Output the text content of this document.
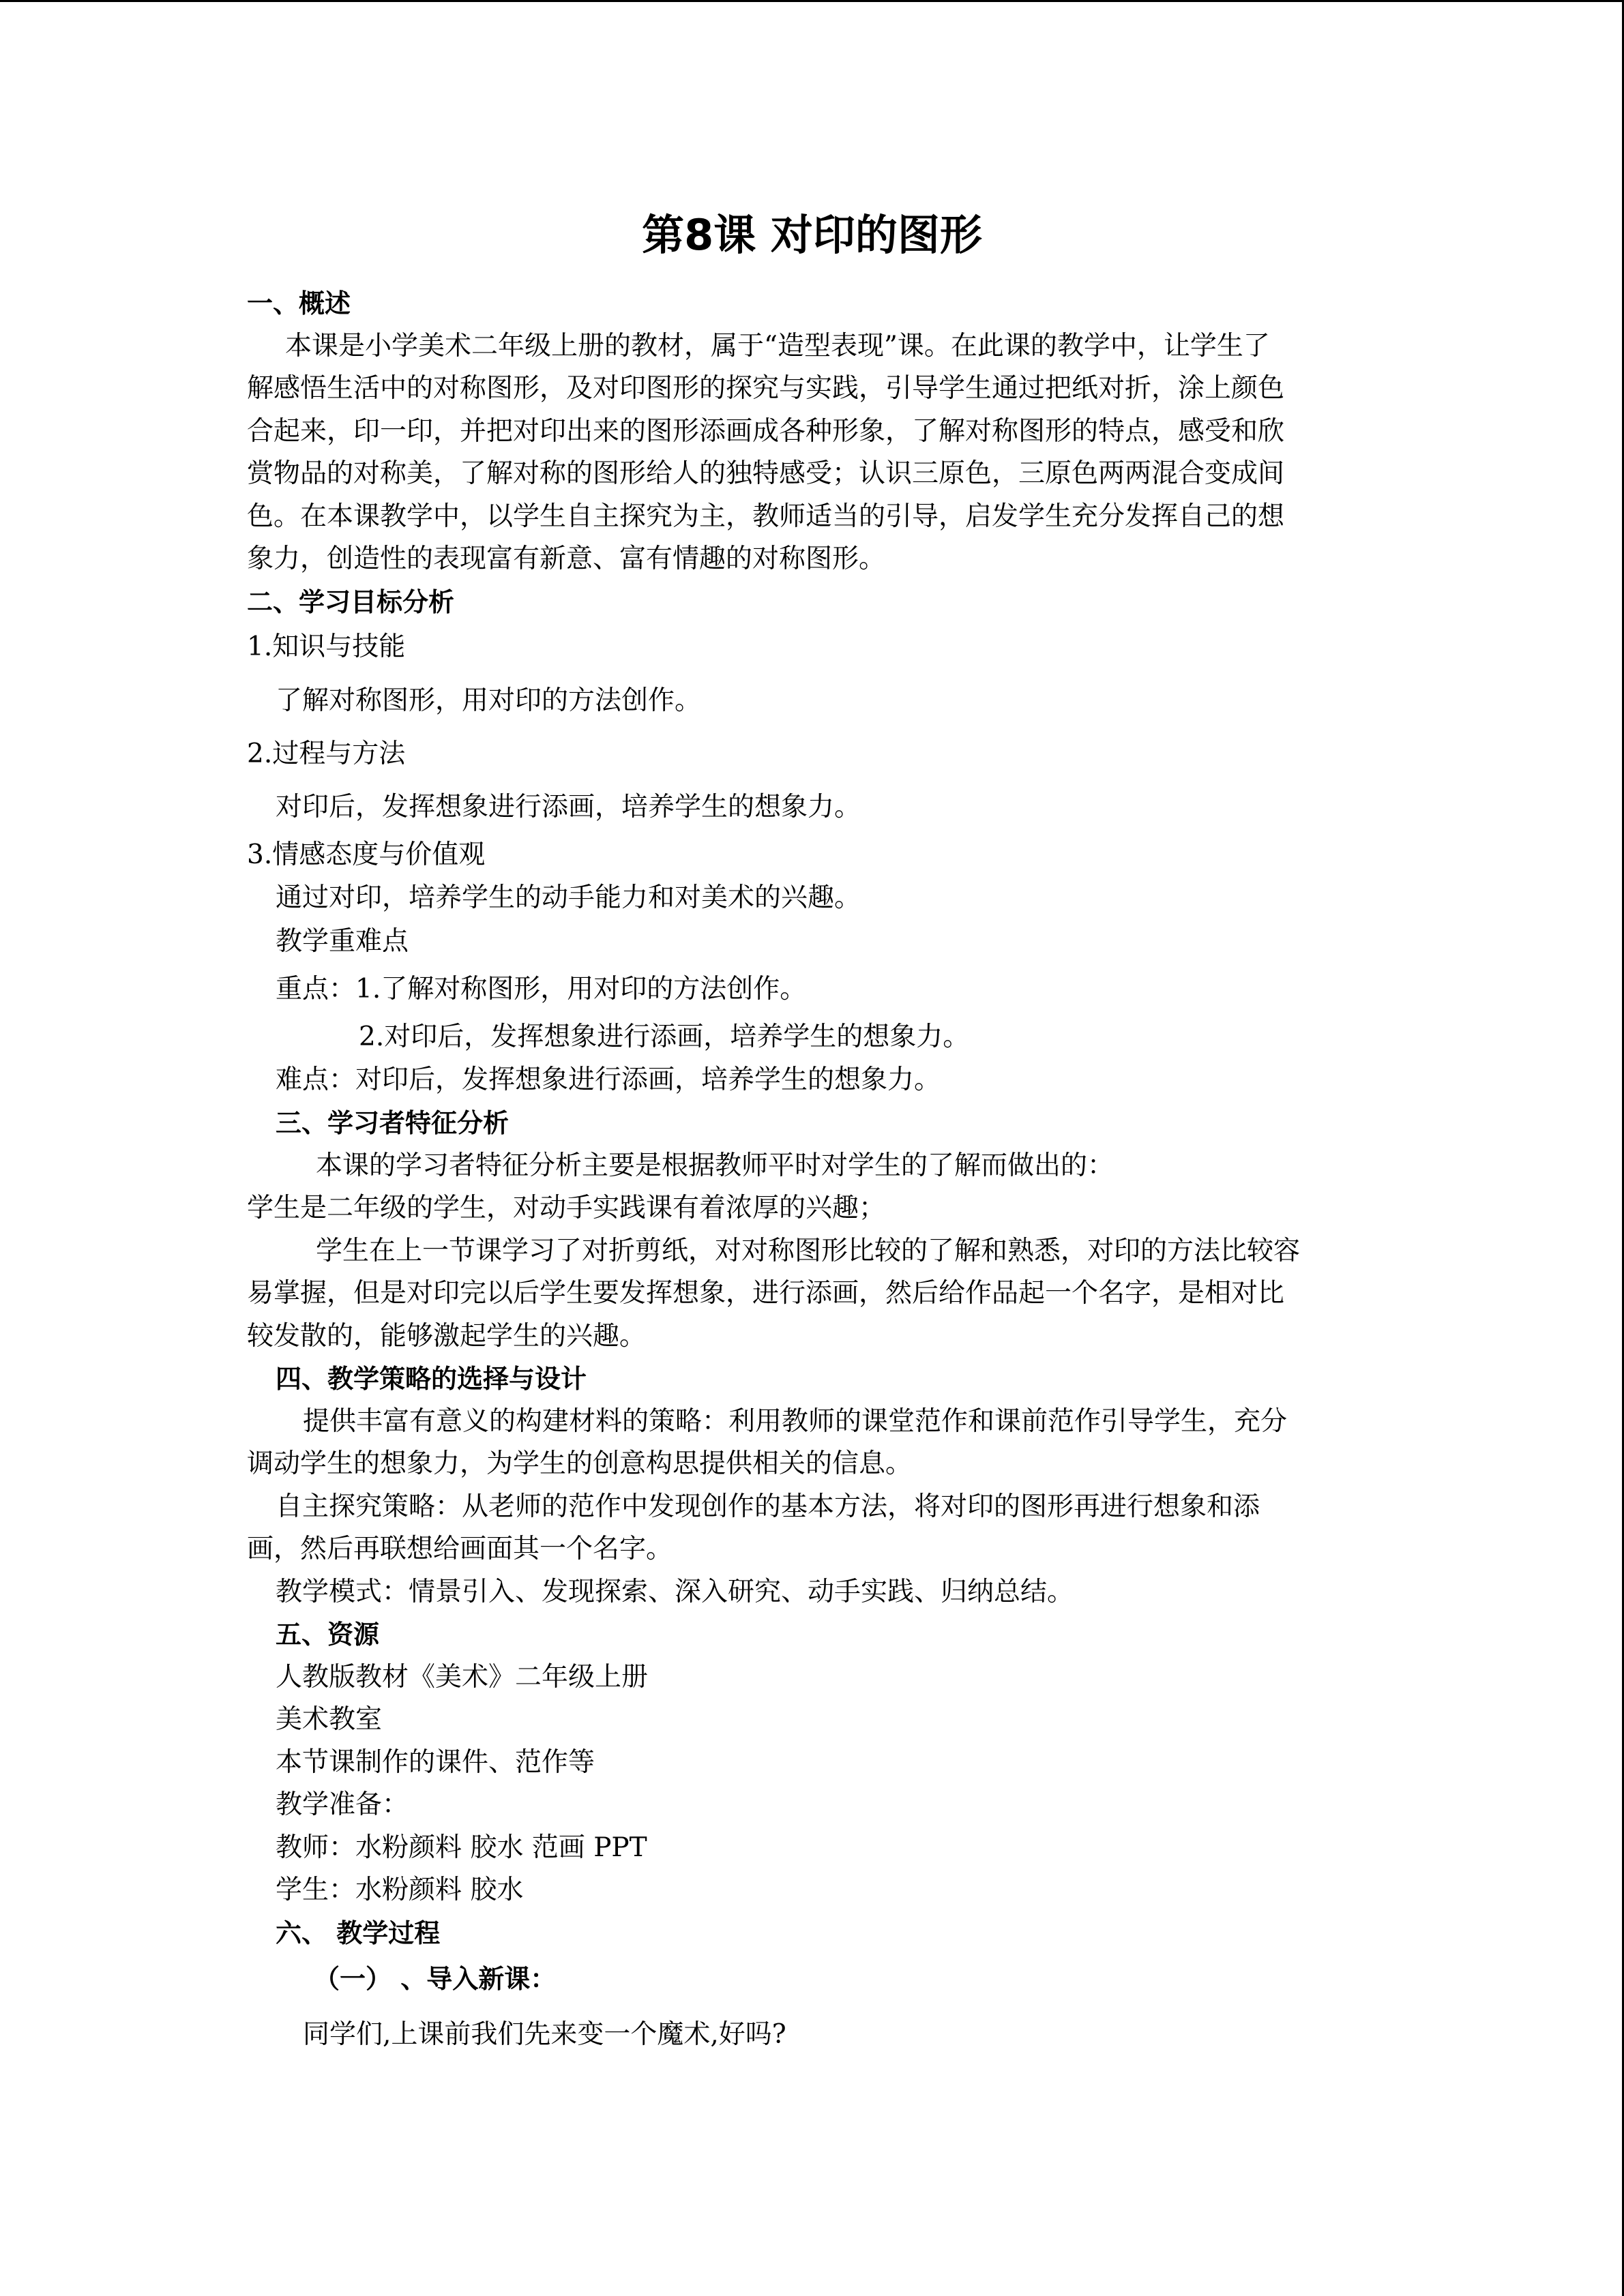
第8课 对印的图形

一、概述

本课是小学美术二年级上册的教材，属于“造型表现”课。在此课的教学中，让学生了

解感悟生活中的对称图形，及对印图形的探究与实践，引导学生通过把纸对折，涂上颜色

合起来，印一印，并把对印出来的图形添画成各种形象，了解对称图形的特点，感受和欣

赏物品的对称美，了解对称的图形给人的独特感受；认识三原色，三原色两两混合变成间

色。在本课教学中，以学生自主探究为主，教师适当的引导，启发学生充分发挥自己的想

象力，创造性的表现富有新意、富有情趣的对称图形。

二、学习目标分析

1.知识与技能

了解对称图形，用对印的方法创作。

2.过程与方法

对印后，发挥想象进行添画，培养学生的想象力。

3.情感态度与价值观

通过对印，培养学生的动手能力和对美术的兴趣。

教学重难点

重点：1.了解对称图形，用对印的方法创作。

2.对印后，发挥想象进行添画，培养学生的想象力。

难点：对印后，发挥想象进行添画，培养学生的想象力。

三、学习者特征分析

本课的学习者特征分析主要是根据教师平时对学生的了解而做出的：

学生是二年级的学生，对动手实践课有着浓厚的兴趣；

学生在上一节课学习了对折剪纸，对对称图形比较的了解和熟悉，对印的方法比较容

易掌握，但是对印完以后学生要发挥想象，进行添画，然后给作品起一个名字，是相对比

较发散的，能够激起学生的兴趣。

四、教学策略的选择与设计

提供丰富有意义的构建材料的策略：利用教师的课堂范作和课前范作引导学生，充分

调动学生的想象力，为学生的创意构思提供相关的信息。

自主探究策略：从老师的范作中发现创作的基本方法，将对印的图形再进行想象和添

画，然后再联想给画面其一个名字。

教学模式：情景引入、发现探索、深入研究、动手实践、归纳总结。

五、资源

人教版教材《美术》二年级上册

美术教室

本节课制作的课件、范作等

教学准备：

教师：水粉颜料 胶水 范画 PPT

学生：水粉颜料 胶水

六、 教学过程

（一） 、导入新课：

同学们,上课前我们先来变一个魔术,好吗?
